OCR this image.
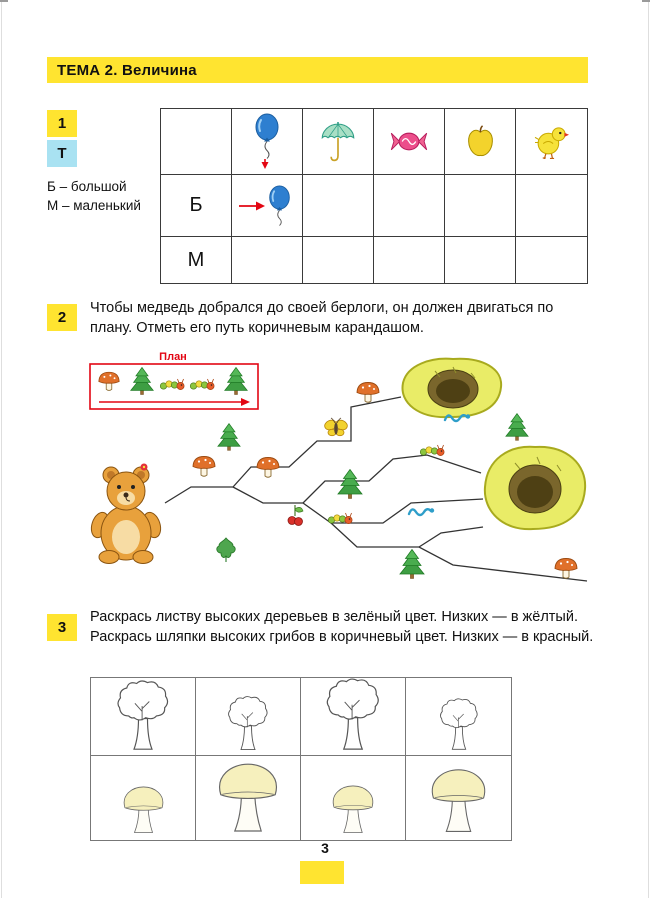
ТЕМА 2. Величина
1
Т
Б – большой
М – маленький	Б
М
2
Чтобы медведь добрался до своей берлоги, он должен двигаться по плану. Отметь его путь коричневым карандашом.
План
3
Раскрась листву высоких деревьев в зелёный цвет. Низких — в жёлтый. Раскрась шляпки высоких грибов в коричневый цвет. Низких — в красный.
3
